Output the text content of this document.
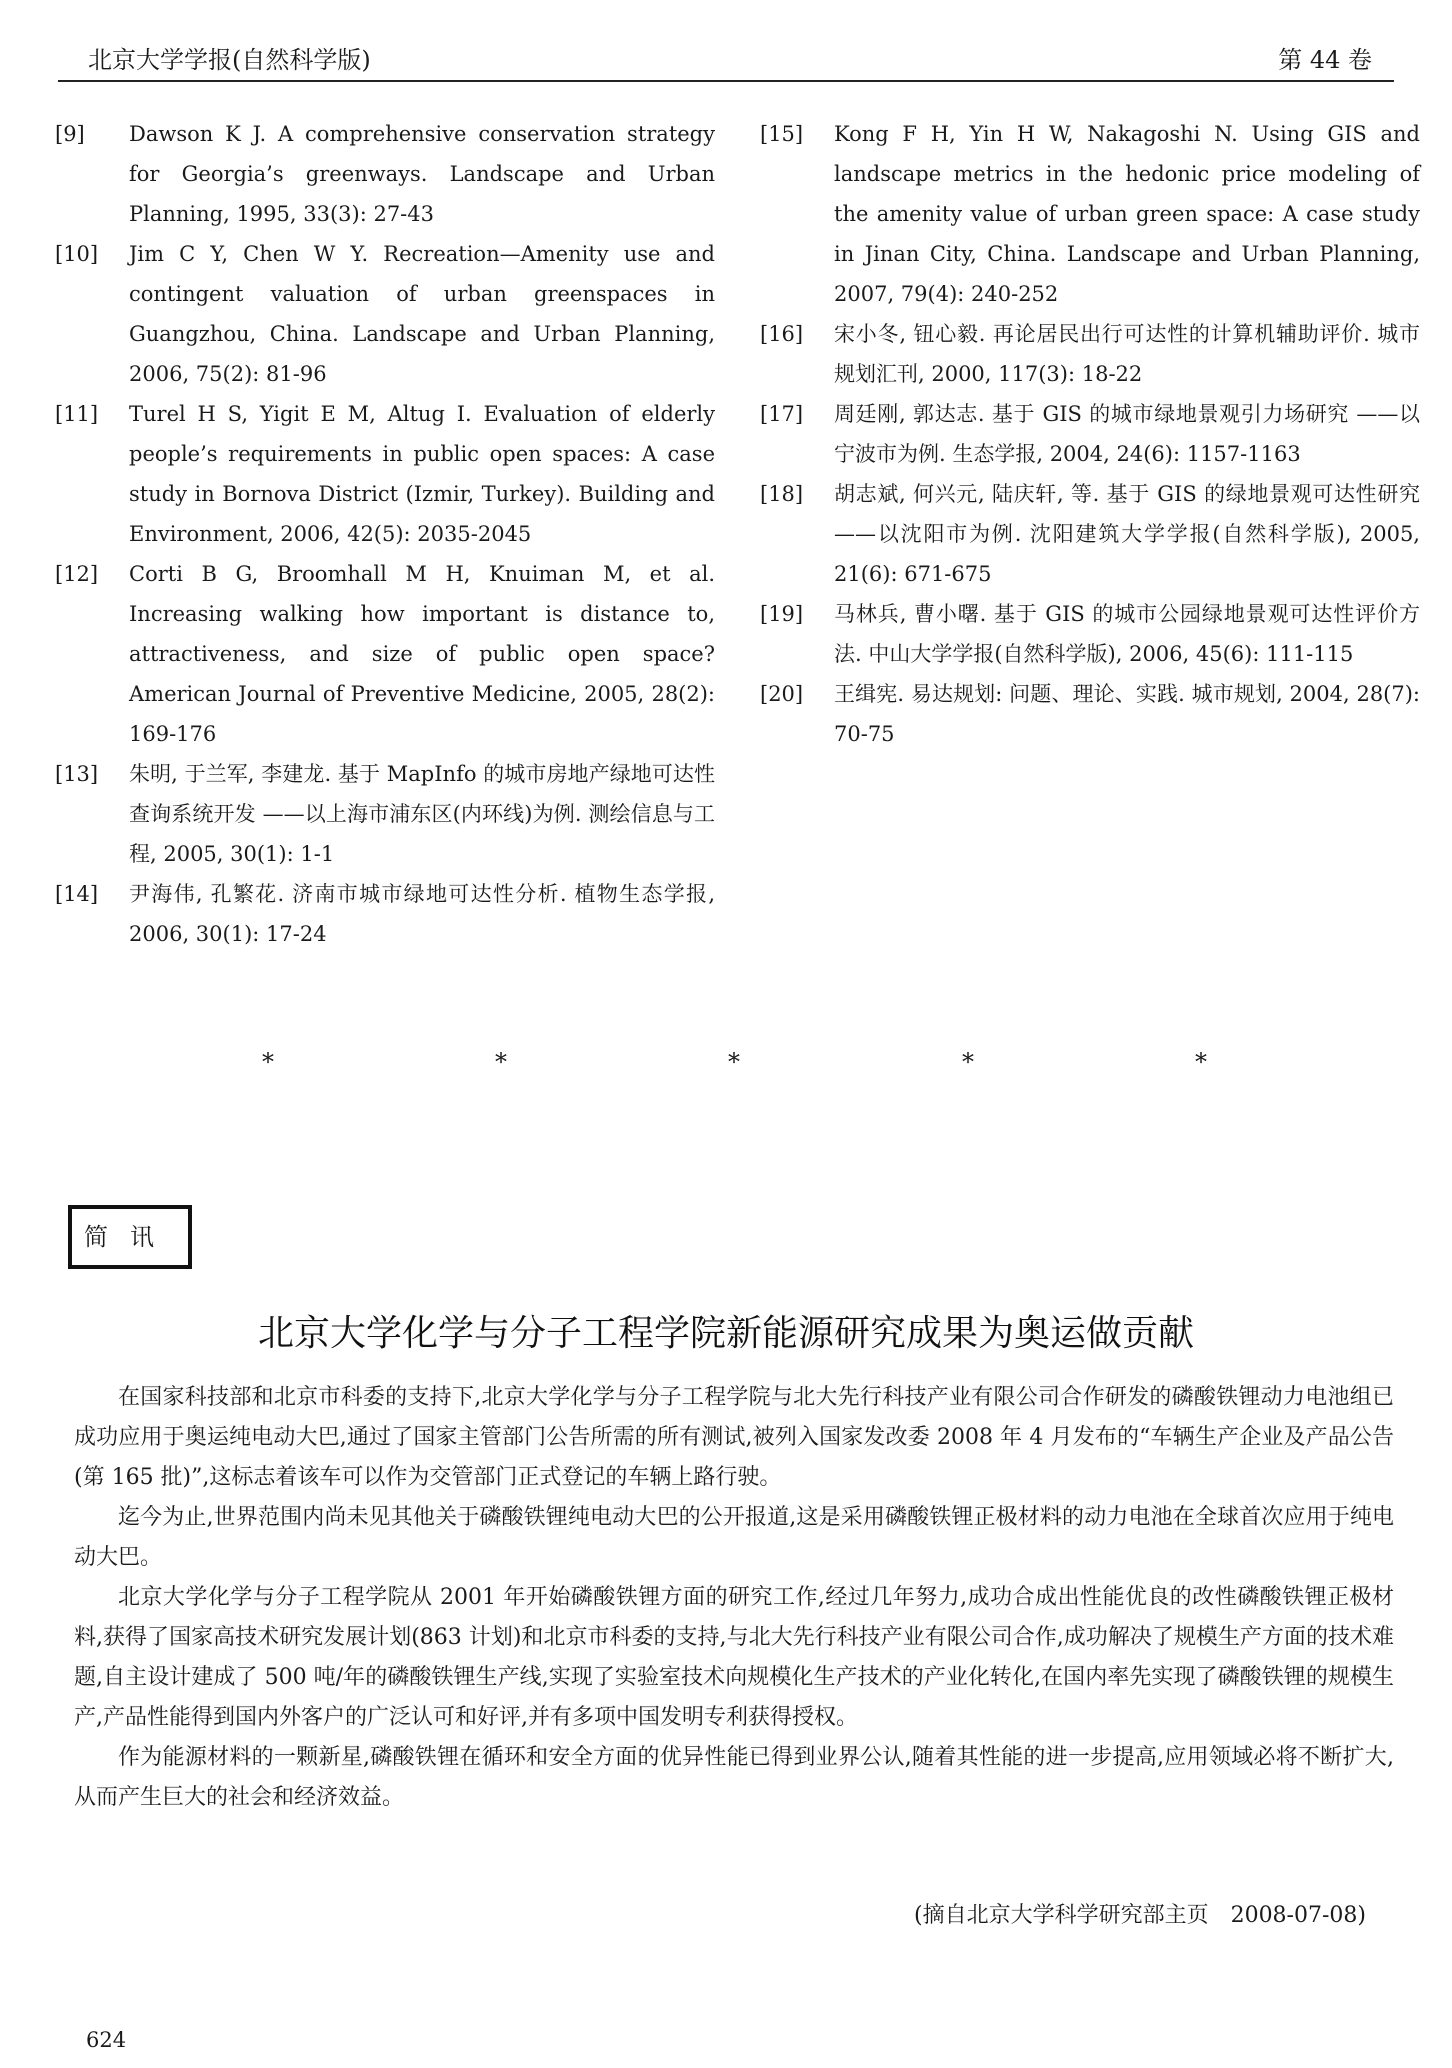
北京大学学报(自然科学版)	第 44 卷
[9]	Dawson K J. A comprehensive conservation strategy for Georgia’s greenways. Landscape and Urban Planning, 1995, 33(3): 27-43
[10]	Jim C Y, Chen W Y. Recreation—Amenity use and contingent valuation of urban greenspaces in Guangzhou, China. Landscape and Urban Planning, 2006, 75(2): 81-96
[11]	Turel H S, Yigit E M, Altug I. Evaluation of elderly people’s requirements in public open spaces: A case study in Bornova District (Izmir, Turkey). Building and Environment, 2006, 42(5): 2035-2045
[12]	Corti B G, Broomhall M H, Knuiman M, et al. Increasing walking how important is distance to, attractiveness, and size of public open space? American Journal of Preventive Medicine, 2005, 28(2): 169-176
[13]	朱明, 于兰军, 李建龙. 基于 MapInfo 的城市房地产绿地可达性查询系统开发 ——以上海市浦东区(内环线)为例. 测绘信息与工程, 2005, 30(1): 1-1
[14]	尹海伟, 孔繁花. 济南市城市绿地可达性分析. 植物生态学报, 2006, 30(1): 17-24
[15]	Kong F H, Yin H W, Nakagoshi N. Using GIS and landscape metrics in the hedonic price modeling of the amenity value of urban green space: A case study in Jinan City, China. Landscape and Urban Planning, 2007, 79(4): 240-252
[16]	宋小冬, 钮心毅. 再论居民出行可达性的计算机辅助评价. 城市规划汇刊, 2000, 117(3): 18-22
[17]	周廷刚, 郭达志. 基于 GIS 的城市绿地景观引力场研究 ——以宁波市为例. 生态学报, 2004, 24(6): 1157-1163
[18]	胡志斌, 何兴元, 陆庆轩, 等. 基于 GIS 的绿地景观可达性研究 ——以沈阳市为例. 沈阳建筑大学学报(自然科学版), 2005, 21(6): 671-675
[19]	马林兵, 曹小曙. 基于 GIS 的城市公园绿地景观可达性评价方法. 中山大学学报(自然科学版), 2006, 45(6): 111-115
[20]	王缉宪. 易达规划: 问题、理论、实践. 城市规划, 2004, 28(7): 70-75
*	*	*	*	*
简讯
北京大学化学与分子工程学院新能源研究成果为奥运做贡献

在国家科技部和北京市科委的支持下,北京大学化学与分子工程学院与北大先行科技产业有限公司合作研发的磷酸铁锂动力电池组已成功应用于奥运纯电动大巴,通过了国家主管部门公告所需的所有测试,被列入国家发改委 2008 年 4 月发布的“车辆生产企业及产品公告(第 165 批)”,这标志着该车可以作为交管部门正式登记的车辆上路行驶。

迄今为止,世界范围内尚未见其他关于磷酸铁锂纯电动大巴的公开报道,这是采用磷酸铁锂正极材料的动力电池在全球首次应用于纯电动大巴。

北京大学化学与分子工程学院从 2001 年开始磷酸铁锂方面的研究工作,经过几年努力,成功合成出性能优良的改性磷酸铁锂正极材料,获得了国家高技术研究发展计划(863 计划)和北京市科委的支持,与北大先行科技产业有限公司合作,成功解决了规模生产方面的技术难题,自主设计建成了 500 吨/年的磷酸铁锂生产线,实现了实验室技术向规模化生产技术的产业化转化,在国内率先实现了磷酸铁锂的规模生产,产品性能得到国内外客户的广泛认可和好评,并有多项中国发明专利获得授权。

作为能源材料的一颗新星,磷酸铁锂在循环和安全方面的优异性能已得到业界公认,随着其性能的进一步提高,应用领域必将不断扩大,从而产生巨大的社会和经济效益。

(摘自北京大学科学研究部主页　2008-07-08)
624
